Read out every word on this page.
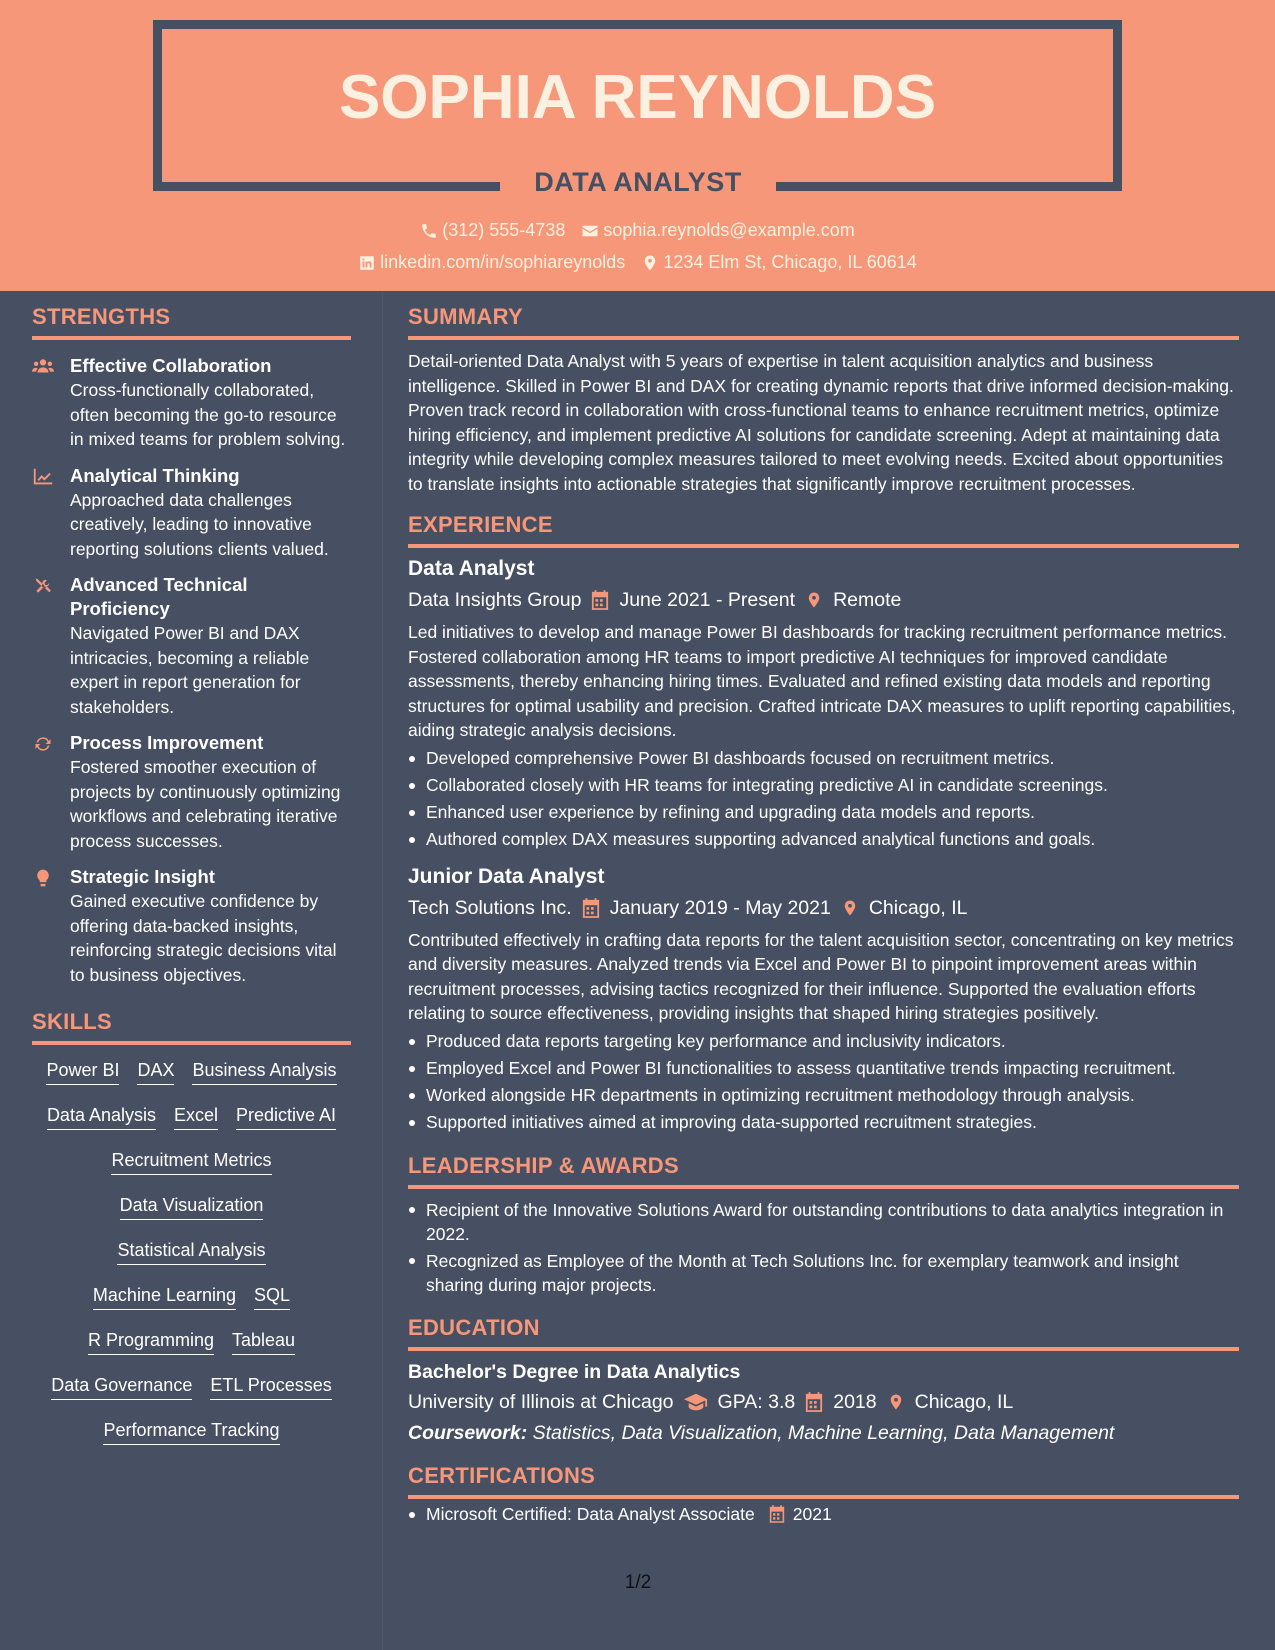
SOPHIA REYNOLDS
DATA ANALYST
(312) 555-4738 sophia.reynolds@example.com
linkedin.com/in/sophiareynolds 1234 Elm St, Chicago, IL 60614
STRENGTHS
Effective Collaboration
Cross-functionally collaborated, often becoming the go-to resource in mixed teams for problem solving.
Analytical Thinking
Approached data challenges creatively, leading to innovative reporting solutions clients valued.
Advanced Technical Proficiency
Navigated Power BI and DAX intricacies, becoming a reliable expert in report generation for stakeholders.
Process Improvement
Fostered smoother execution of projects by continuously optimizing workflows and celebrating iterative process successes.
Strategic Insight
Gained executive confidence by offering data-backed insights, reinforcing strategic decisions vital to business objectives.
SKILLS
Power BI DAX Business Analysis
Data Analysis Excel Predictive AI
Recruitment Metrics
Data Visualization
Statistical Analysis
Machine Learning SQL
R Programming Tableau
Data Governance ETL Processes
Performance Tracking
SUMMARY
Detail-oriented Data Analyst with 5 years of expertise in talent acquisition analytics and business intelligence. Skilled in Power BI and DAX for creating dynamic reports that drive informed decision-making. Proven track record in collaboration with cross-functional teams to enhance recruitment metrics, optimize hiring efficiency, and implement predictive AI solutions for candidate screening. Adept at maintaining data integrity while developing complex measures tailored to meet evolving needs. Excited about opportunities to translate insights into actionable strategies that significantly improve recruitment processes.
EXPERIENCE
Data Analyst
Data Insights Group June 2021 - Present Remote
Led initiatives to develop and manage Power BI dashboards for tracking recruitment performance metrics. Fostered collaboration among HR teams to import predictive AI techniques for improved candidate assessments, thereby enhancing hiring times. Evaluated and refined existing data models and reporting structures for optimal usability and precision. Crafted intricate DAX measures to uplift reporting capabilities, aiding strategic analysis decisions.
Developed comprehensive Power BI dashboards focused on recruitment metrics.
Collaborated closely with HR teams for integrating predictive AI in candidate screenings.
Enhanced user experience by refining and upgrading data models and reports.
Authored complex DAX measures supporting advanced analytical functions and goals.
Junior Data Analyst
Tech Solutions Inc. January 2019 - May 2021 Chicago, IL
Contributed effectively in crafting data reports for the talent acquisition sector, concentrating on key metrics and diversity measures. Analyzed trends via Excel and Power BI to pinpoint improvement areas within recruitment processes, advising tactics recognized for their influence. Supported the evaluation efforts relating to source effectiveness, providing insights that shaped hiring strategies positively.
Produced data reports targeting key performance and inclusivity indicators.
Employed Excel and Power BI functionalities to assess quantitative trends impacting recruitment.
Worked alongside HR departments in optimizing recruitment methodology through analysis.
Supported initiatives aimed at improving data-supported recruitment strategies.
LEADERSHIP & AWARDS
Recipient of the Innovative Solutions Award for outstanding contributions to data analytics integration in 2022.
Recognized as Employee of the Month at Tech Solutions Inc. for exemplary teamwork and insight sharing during major projects.
EDUCATION
Bachelor's Degree in Data Analytics
University of Illinois at Chicago GPA: 3.8 2018 Chicago, IL
Coursework: Statistics, Data Visualization, Machine Learning, Data Management
CERTIFICATIONS
Microsoft Certified: Data Analyst Associate 2021
1/2
